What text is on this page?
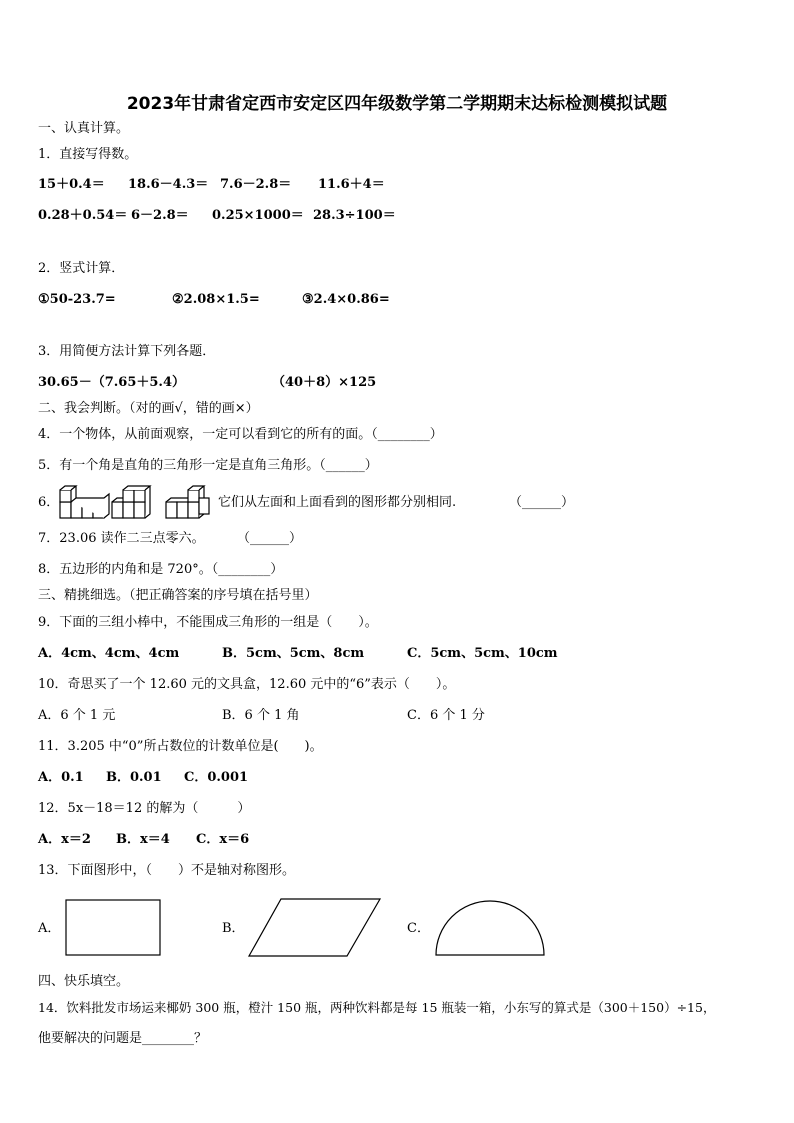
2023年甘肃省定西市安定区四年级数学第二学期期末达标检测模拟试题
一、认真计算。
1．直接写得数。
15＋0.4＝ 18.6－4.3＝ 7.6－2.8＝ 11.6＋4＝
0.28＋0.54＝ 6－2.8＝ 0.25×1000＝ 28.3÷100＝
2．竖式计算．
①50-23.7=	②2.08×1.5=	③2.4×0.86=
3．用简便方法计算下列各题．
30.65－（7.65＋5.4）	（40＋8）×125
二、我会判断。（对的画√，错的画×）
4．一个物体，从前面观察，一定可以看到它的所有的面。（________）
5．有一个角是直角的三角形一定是直角三角形。（______）
6．	它们从左面和上面看到的图形都分别相同.	（______）
7．23.06 读作二三点零六。 （______）
8．五边形的内角和是 720°。（________）
三、精挑细选。（把正确答案的序号填在括号里）
9．下面的三组小棒中，不能围成三角形的一组是（　　）。
A．4cm、4cm、4cm	B．5cm、5cm、8cm	C．5cm、5cm、10cm
10．奇思买了一个 12.60 元的文具盒，12.60 元中的“6”表示（　　）。
A．6 个 1 元	B．6 个 1 角	C．6 个 1 分
11．3.205 中“0”所占数位的计数单位是(　　)。
A．0.1 B．0.01 C．0.001
12．5x－18＝12 的解为（　　　）
A．x＝2 B．x＝4 C．x＝6
13．下面图形中，（　　）不是轴对称图形。
A．	B．	C．
四、快乐填空。
14．饮料批发市场运来椰奶 300 瓶，橙汁 150 瓶，两种饮料都是每 15 瓶装一箱，小东写的算式是（300＋150）÷15，
他要解决的问题是________？
